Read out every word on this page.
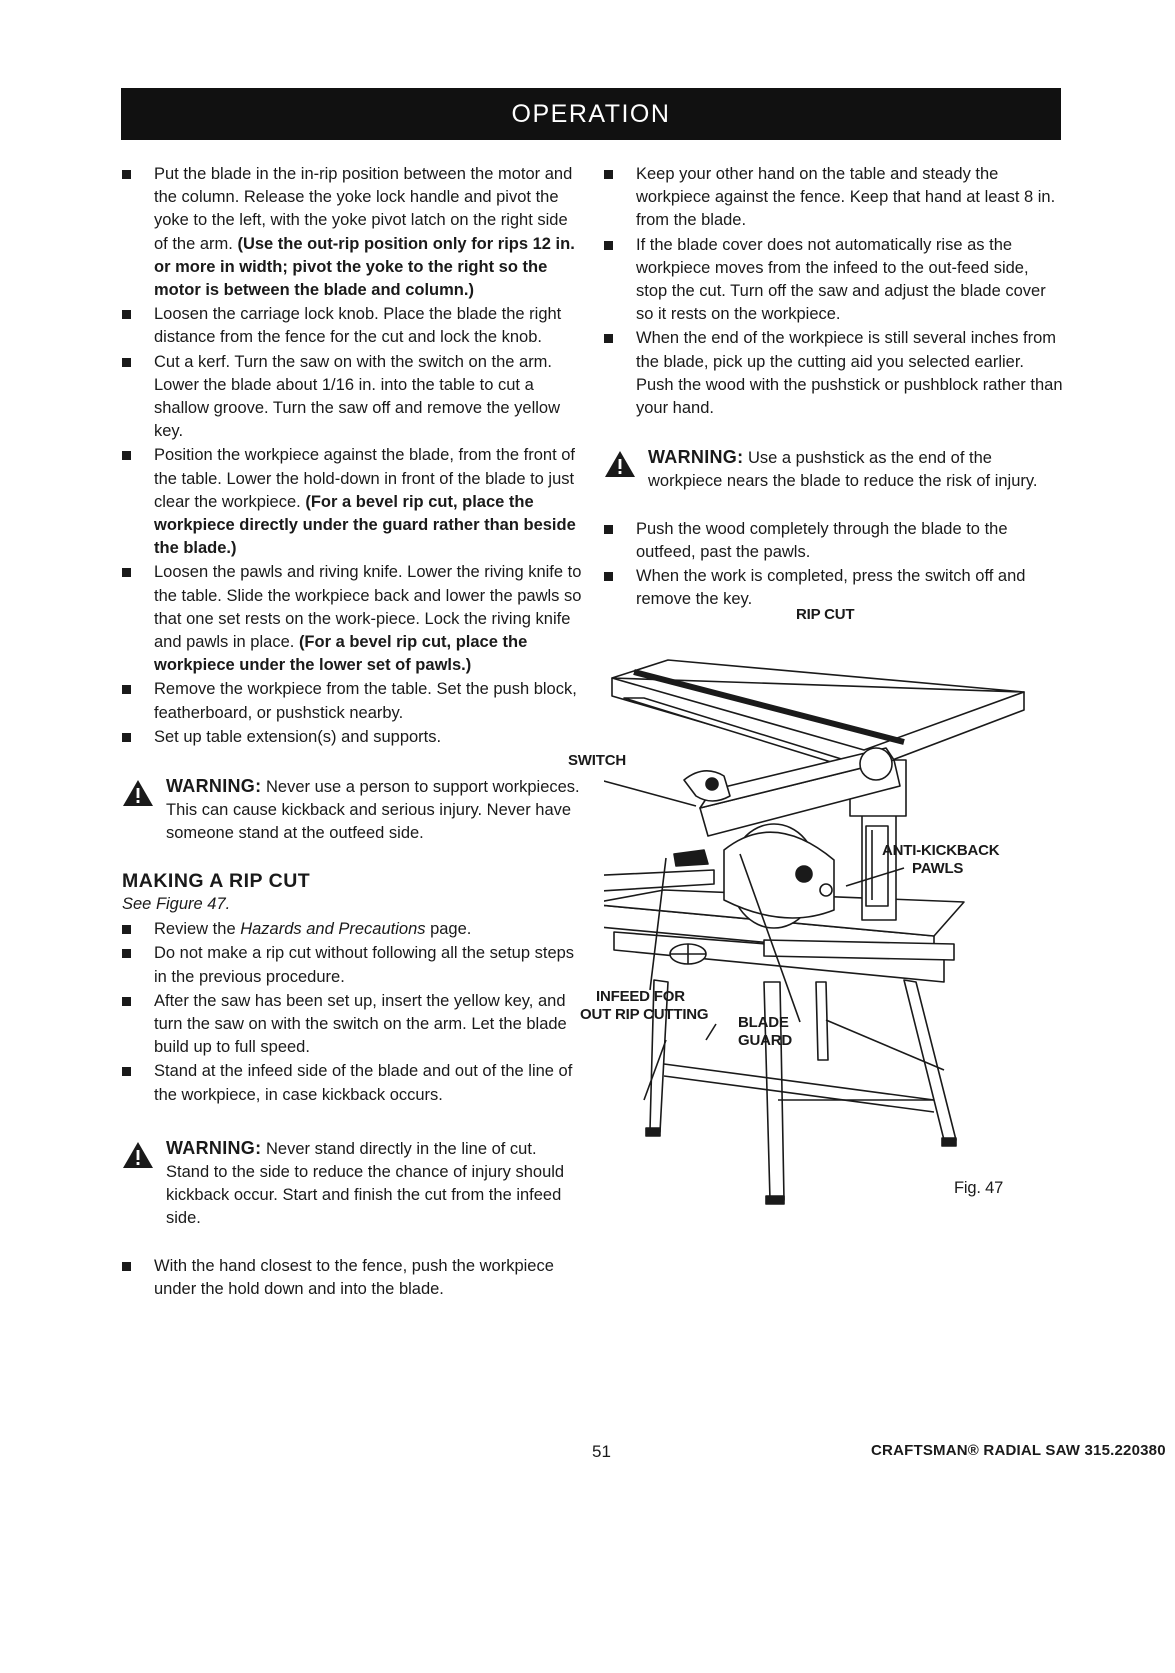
OPERATION
Put the blade in the in-rip position between the motor and the column. Release the yoke lock handle and pivot the yoke to the left, with the yoke pivot latch on the right side of the arm. (Use the out-rip position only for rips 12 in. or more in width; pivot the yoke to the right so the motor is between the blade and column.)
Loosen the carriage lock knob. Place the blade the right distance from the fence for the cut and lock the knob.
Cut a kerf. Turn the saw on with the switch on the arm. Lower the blade about 1/16 in. into the table to cut a shallow groove. Turn the saw off and remove the yellow key.
Position the workpiece against the blade, from the front of the table. Lower the hold-down in front of the blade to just clear the workpiece. (For a bevel rip cut, place the workpiece directly under the guard rather than beside the blade.)
Loosen the pawls and riving knife. Lower the riving knife to the table. Slide the workpiece back and lower the pawls so that one set rests on the work-piece. Lock the riving knife and pawls in place. (For a bevel rip cut, place the workpiece under the lower set of pawls.)
Remove the workpiece from the table. Set the push block, featherboard, or pushstick nearby.
Set up table extension(s) and supports.
WARNING: Never use a person to support workpieces. This can cause kickback and serious injury. Never have someone stand at the outfeed side.
MAKING A RIP CUT
See Figure 47.
Review the Hazards and Precautions page.
Do not make a rip cut without following all the setup steps in the previous procedure.
After the saw has been set up, insert the yellow key, and turn the saw on with the switch on the arm. Let the blade build up to full speed.
Stand at the infeed side of the blade and out of the line of the workpiece, in case kickback occurs.
WARNING: Never stand directly in the line of cut. Stand to the side to reduce the chance of injury should kickback occur. Start and finish the cut from the infeed side.
With the hand closest to the fence, push the workpiece under the hold down and into the blade.
Keep your other hand on the table and steady the workpiece against the fence. Keep that hand at least 8 in. from the blade.
If the blade cover does not automatically rise as the workpiece moves from the infeed to the out-feed side, stop the cut. Turn off the saw and adjust the blade cover so it rests on the workpiece.
When the end of the workpiece is still several inches from the blade, pick up the cutting aid you selected earlier. Push the wood with the pushstick or pushblock rather than your hand.
WARNING: Use a pushstick as the end of the workpiece nears the blade to reduce the risk of injury.
Push the wood completely through the blade to the outfeed, past the pawls.
When the work is completed, press the switch off and remove the key.
RIP CUT
SWITCH
ANTI-KICKBACK
PAWLS
INFEED FOR
OUT RIP CUTTING BLADE
GUARD
Fig. 47
51	CRAFTSMAN® RADIAL SAW 315.220380
